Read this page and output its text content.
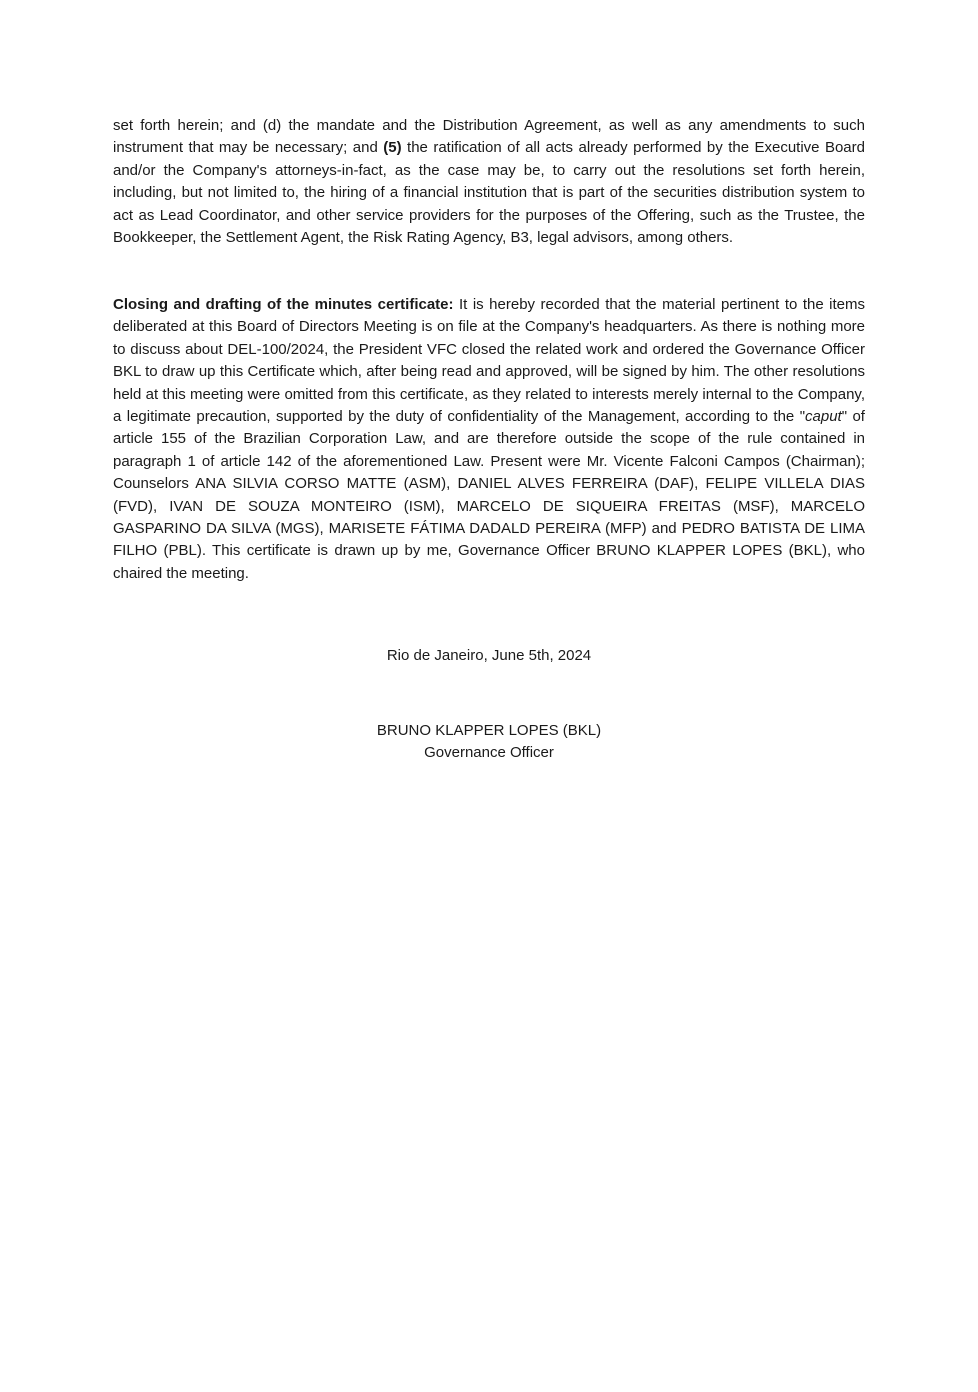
set forth herein; and (d) the mandate and the Distribution Agreement, as well as any amendments to such instrument that may be necessary; and (5) the ratification of all acts already performed by the Executive Board and/or the Company's attorneys-in-fact, as the case may be, to carry out the resolutions set forth herein, including, but not limited to, the hiring of a financial institution that is part of the securities distribution system to act as Lead Coordinator, and other service providers for the purposes of the Offering, such as the Trustee, the Bookkeeper, the Settlement Agent, the Risk Rating Agency, B3, legal advisors, among others.

Closing and drafting of the minutes certificate: It is hereby recorded that the material pertinent to the items deliberated at this Board of Directors Meeting is on file at the Company's headquarters. As there is nothing more to discuss about DEL-100/2024, the President VFC closed the related work and ordered the Governance Officer BKL to draw up this Certificate which, after being read and approved, will be signed by him. The other resolutions held at this meeting were omitted from this certificate, as they related to interests merely internal to the Company, a legitimate precaution, supported by the duty of confidentiality of the Management, according to the "caput" of article 155 of the Brazilian Corporation Law, and are therefore outside the scope of the rule contained in paragraph 1 of article 142 of the aforementioned Law. Present were Mr. Vicente Falconi Campos (Chairman); Counselors ANA SILVIA CORSO MATTE (ASM), DANIEL ALVES FERREIRA (DAF), FELIPE VILLELA DIAS (FVD), IVAN DE SOUZA MONTEIRO (ISM), MARCELO DE SIQUEIRA FREITAS (MSF), MARCELO GASPARINO DA SILVA (MGS), MARISETE FÁTIMA DADALD PEREIRA (MFP) and PEDRO BATISTA DE LIMA FILHO (PBL). This certificate is drawn up by me, Governance Officer BRUNO KLAPPER LOPES (BKL), who chaired the meeting.

Rio de Janeiro, June 5th, 2024

BRUNO KLAPPER LOPES (BKL)

Governance Officer
